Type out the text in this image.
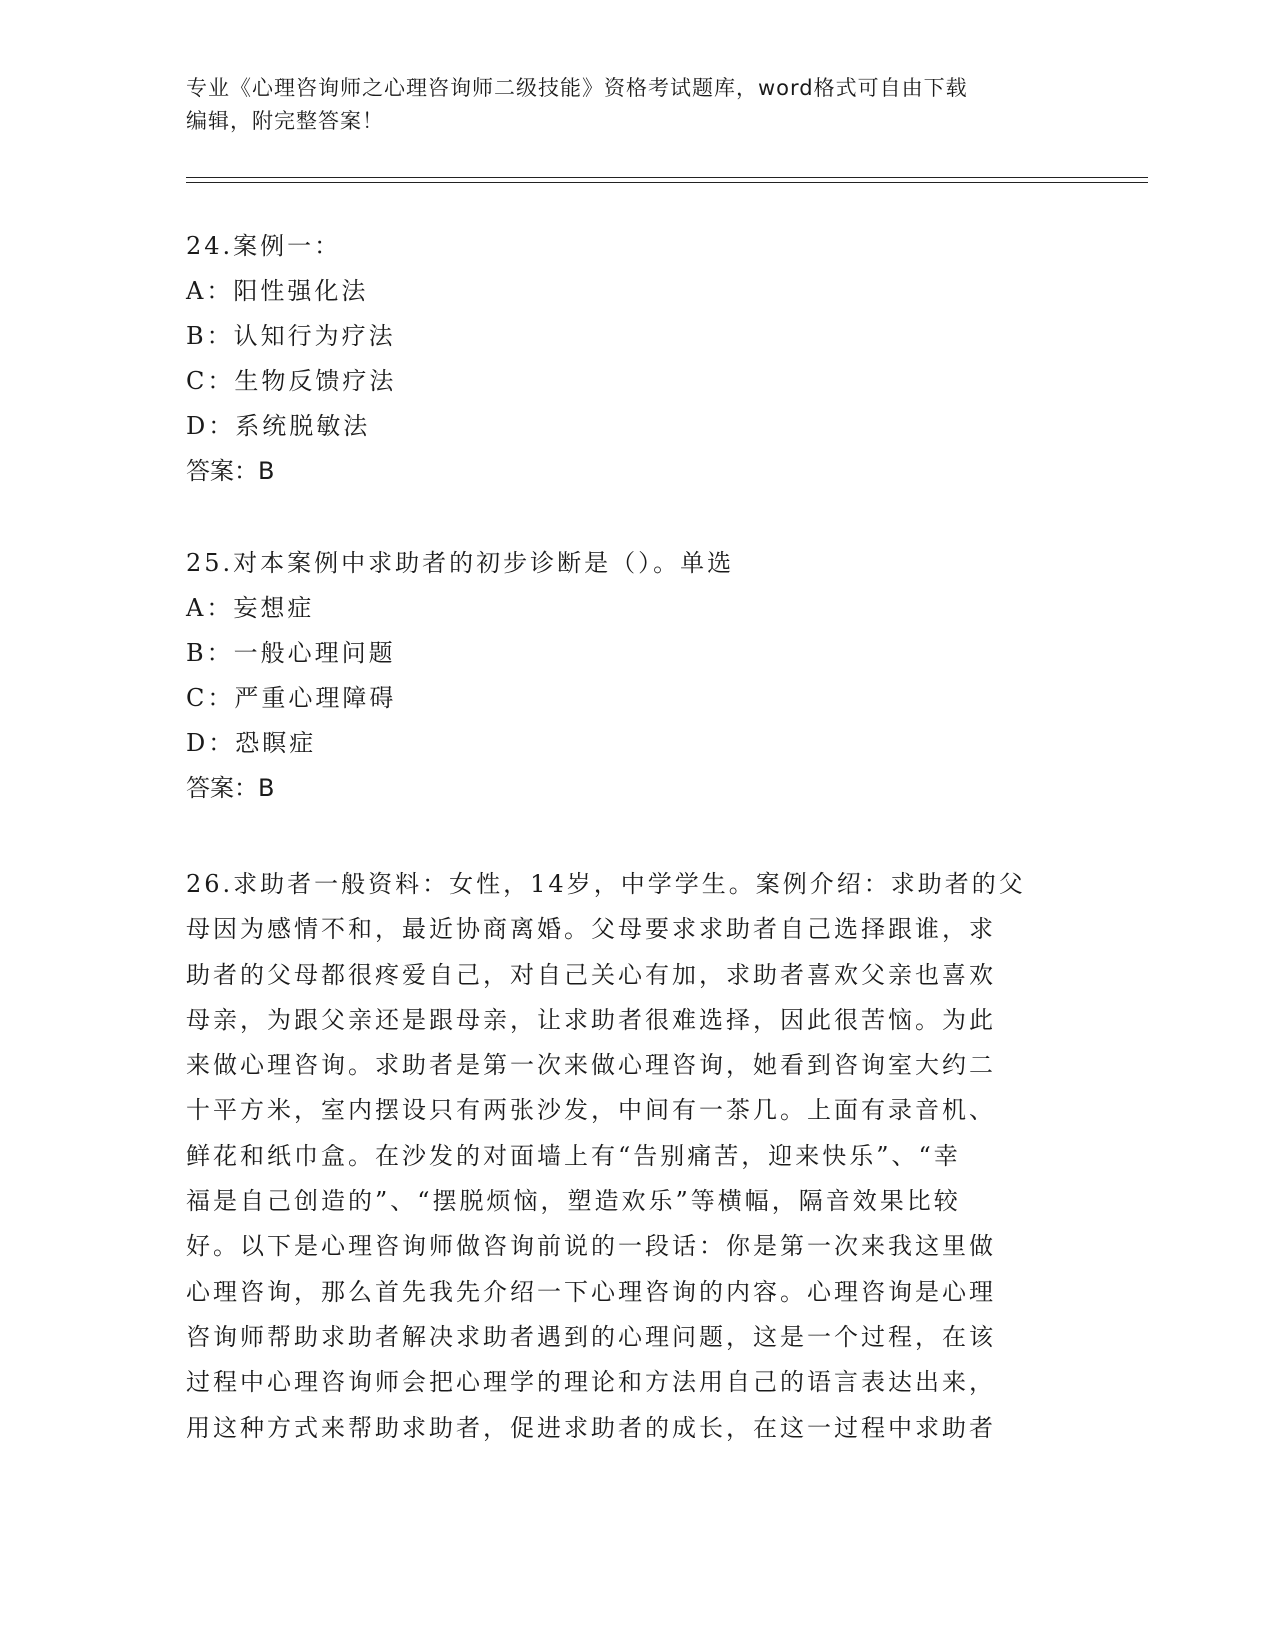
专业《心理咨询师之心理咨询师二级技能》资格考试题库，word格式可自由下载
编辑，附完整答案！
24.案例一：
A：阳性强化法
B：认知行为疗法
C：生物反馈疗法
D：系统脱敏法
答案：B
25.对本案例中求助者的初步诊断是（）。单选
A：妄想症
B：一般心理问题
C：严重心理障碍
D：恐瞑症
答案：B
26.求助者一般资料：女性，14岁，中学学生。案例介绍：求助者的父
母因为感情不和，最近协商离婚。父母要求求助者自己选择跟谁，求
助者的父母都很疼爱自己，对自己关心有加，求助者喜欢父亲也喜欢
母亲，为跟父亲还是跟母亲，让求助者很难选择，因此很苦恼。为此
来做心理咨询。求助者是第一次来做心理咨询，她看到咨询室大约二
十平方米，室内摆设只有两张沙发，中间有一茶几。上面有录音机、
鲜花和纸巾盒。在沙发的对面墙上有“告别痛苦，迎来快乐”、“幸
福是自己创造的”、“摆脱烦恼，塑造欢乐”等横幅，隔音效果比较
好。以下是心理咨询师做咨询前说的一段话：你是第一次来我这里做
心理咨询，那么首先我先介绍一下心理咨询的内容。心理咨询是心理
咨询师帮助求助者解决求助者遇到的心理问题，这是一个过程，在该
过程中心理咨询师会把心理学的理论和方法用自己的语言表达出来，
用这种方式来帮助求助者，促进求助者的成长，在这一过程中求助者
